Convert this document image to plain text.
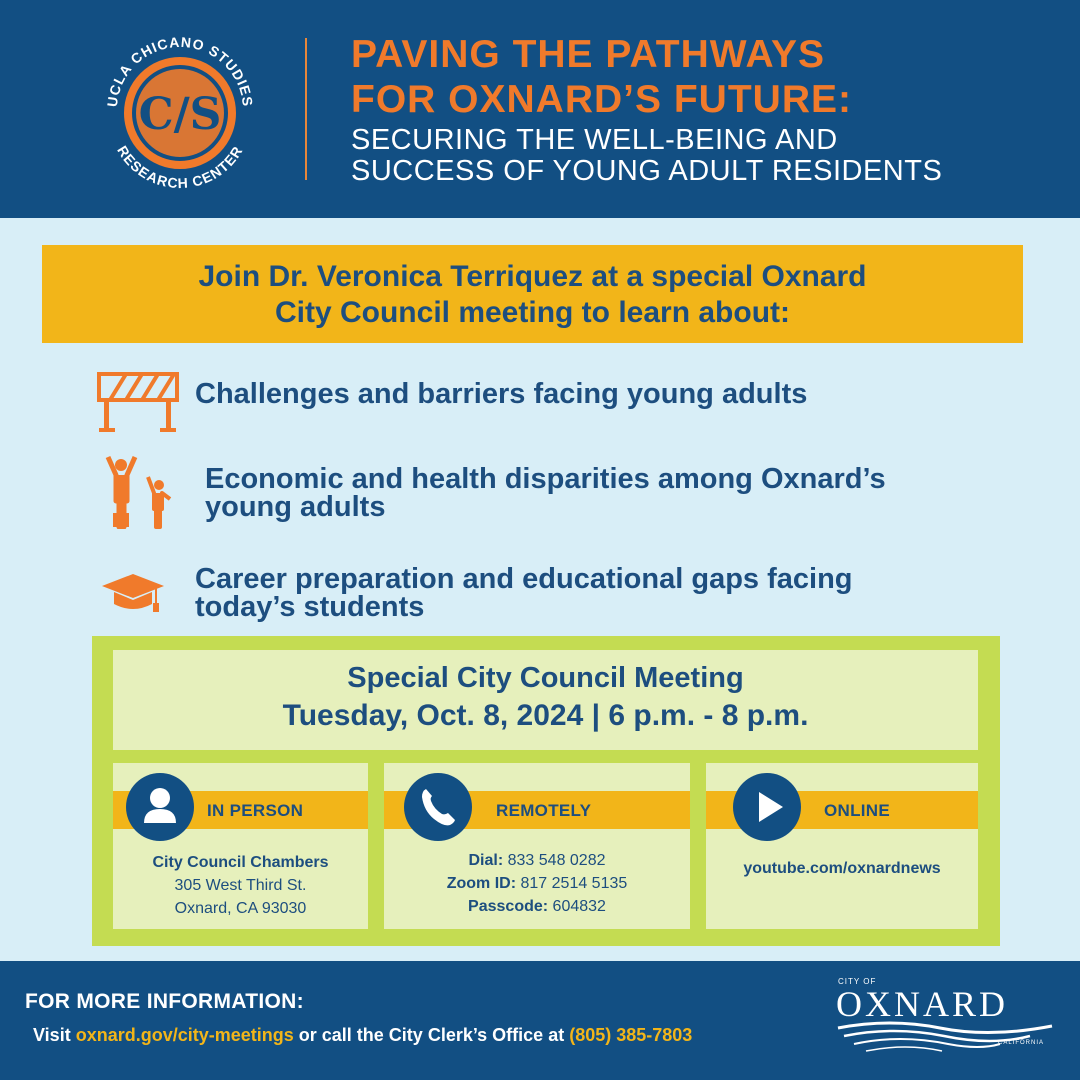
C/S
UCLA CHICANO STUDIES
RESEARCH CENTER
PAVING THE PATHWAYS
FOR OXNARD’S FUTURE:
SECURING THE WELL-BEING AND
SUCCESS OF YOUNG ADULT RESIDENTS
Join Dr. Veronica Terriquez at a special Oxnard
City Council meeting to learn about:
Challenges and barriers facing young adults
Economic and health disparities among Oxnard’s
young adults
Career preparation and educational gaps facing
today’s students
Special City Council Meeting
Tuesday, Oct. 8, 2024 | 6 p.m. - 8 p.m.
IN PERSON
City Council Chambers
305 West Third St.
Oxnard, CA 93030
REMOTELY
Dial: 833 548 0282
Zoom ID: 817 2514 5135
Passcode: 604832
ONLINE
youtube.com/oxnardnews
FOR MORE INFORMATION:
Visit oxnard.gov/city-meetings or call the City Clerk’s Office at (805) 385-7803
CITY OF
OXNARD
CALIFORNIA
